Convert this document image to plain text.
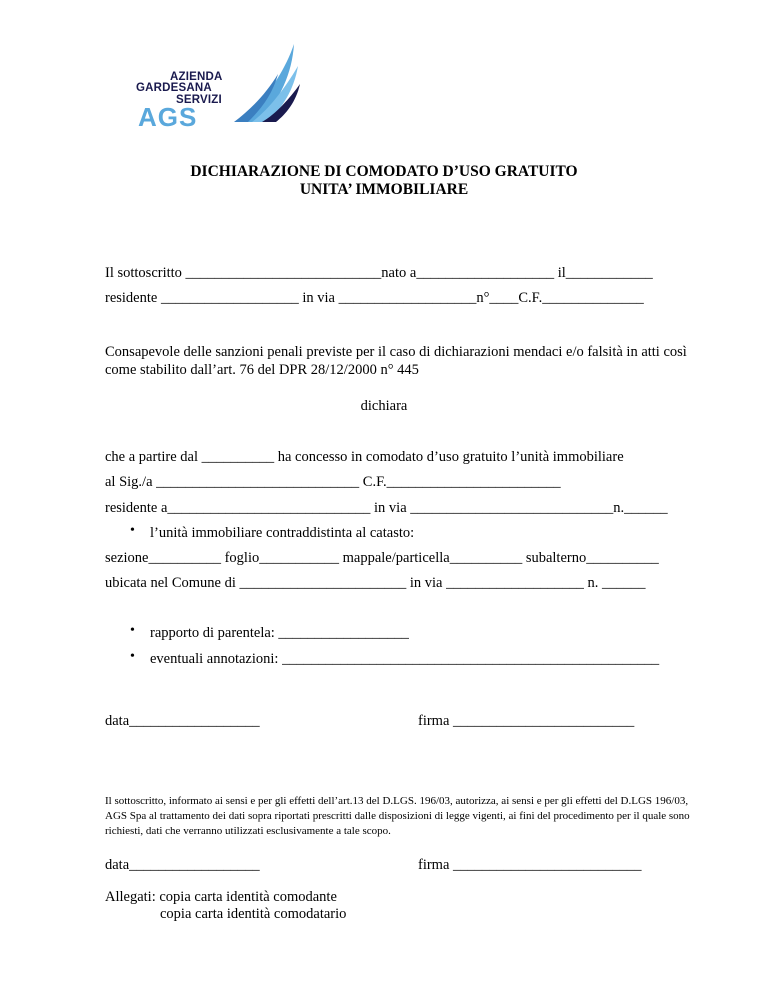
AZIENDA
GARDESANA
SERVIZI
AGS
DICHIARAZIONE DI COMODATO D’USO GRATUITO
UNITA’ IMMOBILIARE
Il sottoscritto ___________________________nato a___________________ il____________
residente ___________________ in via ___________________n°____C.F.______________
Consapevole delle sanzioni penali previste per il caso di dichiarazioni mendaci e/o falsità in atti così come stabilito dall’art. 76 del DPR 28/12/2000 n° 445
dichiara
che a partire dal __________ ha concesso in comodato d’uso gratuito l’unità immobiliare
al Sig./a ____________________________ C.F.________________________
residente a____________________________ in via ____________________________n.______
• l’unità immobiliare contraddistinta al catasto:
sezione__________ foglio___________ mappale/particella__________ subalterno__________
ubicata nel Comune di _______________________ in via ___________________ n. ______
• rapporto di parentela: __________________
• eventuali annotazioni: ____________________________________________________
data__________________	firma _________________________
Il sottoscritto, informato ai sensi e per gli effetti dell’art.13 del D.LGS. 196/03, autorizza, ai sensi e per gli effetti del D.LGS 196/03, AGS Spa al trattamento dei dati sopra riportati prescritti dalle disposizioni di legge vigenti, ai fini del procedimento per il quale sono richiesti, dati che verranno utilizzati esclusivamente a tale scopo.
data__________________	firma __________________________
Allegati: copia carta identità comodante
copia carta identità comodatario
